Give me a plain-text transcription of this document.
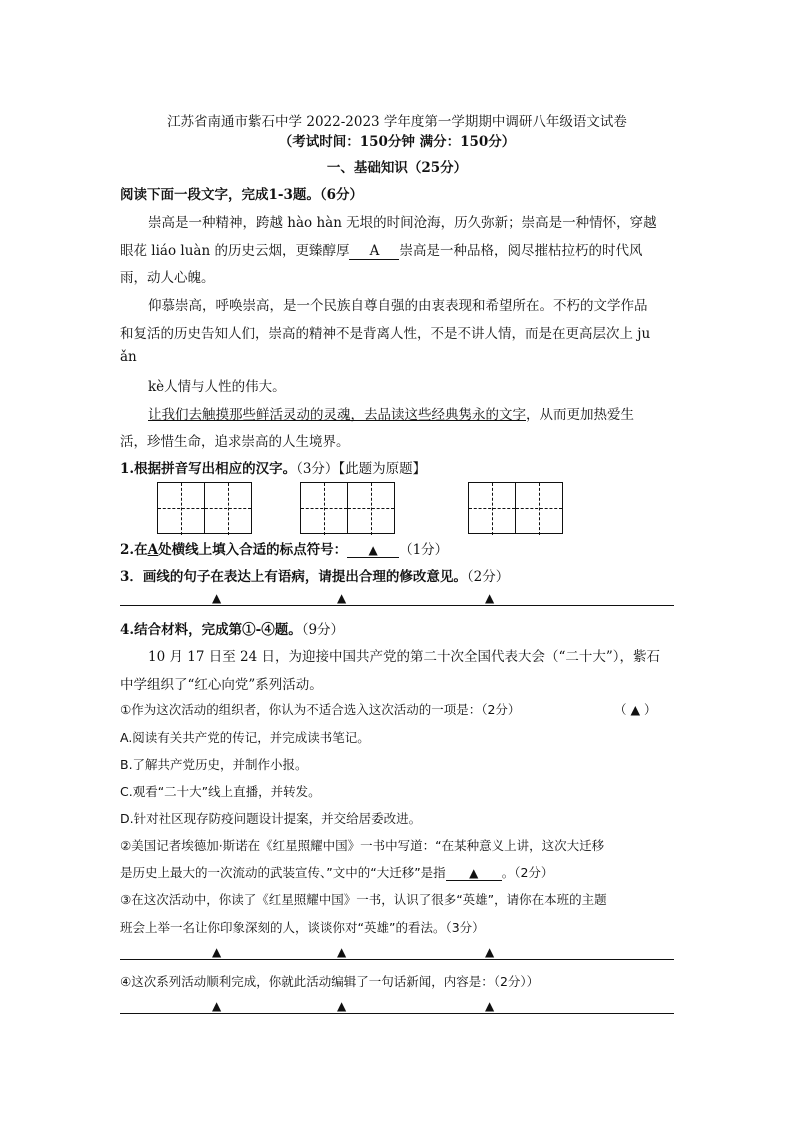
江苏省南通市紫石中学 2022-2023 学年度第一学期期中调研八年级语文试卷
（考试时间：150分钟 满分：150分）
一、基础知识（25分）
阅读下面一段文字，完成1-3题。（6分）
崇高是一种精神，跨越 hào hàn 无垠的时间沧海，历久弥新；崇高是一种情怀，穿越
眼花 liáo luàn 的历史云烟，更臻醇厚 A 崇高是一种品格，阅尽摧枯拉朽的时代风
雨，动人心魄。
仰慕崇高，呼唤崇高，是一个民族自尊自强的由衷表现和希望所在。不朽的文学作品
和复活的历史告知人们，崇高的精神不是背离人性，不是不讲人情，而是在更高层次上 ju
ǎn
kè人情与人性的伟大。
让我们去触摸那些鲜活灵动的灵魂，去品读这些经典隽永的文字，从而更加热爱生
活，珍惜生命，追求崇高的人生境界。
1.根据拼音写出相应的汉字。（3分）【此题为原题】
2.在A处横线上填入合适的标点符号： ▲ （1分）
3．画线的句子在表达上有语病，请提出合理的修改意见。（2分）
▲	▲	▲
4.结合材料，完成第①-④题。（9分）
10 月 17 日至 24 日，为迎接中国共产党的第二十次全国代表大会（“二十大”），紫石
中学组织了“红心向党”系列活动。
①作为这次活动的组织者，你认为不适合选入这次活动的一项是：（2分）	（ ▲ ）
A.阅读有关共产党的传记，并完成读书笔记。
B.了解共产党历史，并制作小报。
C.观看“二十大”线上直播，并转发。
D.针对社区现存防疫问题设计提案，并交给居委改进。
②美国记者埃德加·斯诺在《红星照耀中国》一书中写道：“在某种意义上讲，这次大迁移
是历史上最大的一次流动的武装宣传、”文中的“大迁移”是指 ▲ 。（2分）
③在这次活动中，你读了《红星照耀中国》一书，认识了很多“英雄”，请你在本班的主题
班会上举一名让你印象深刻的人，谈谈你对“英雄”的看法。（3分）
▲	▲	▲
④这次系列活动顺利完成，你就此活动编辑了一句话新闻，内容是：（2分））
▲	▲	▲
